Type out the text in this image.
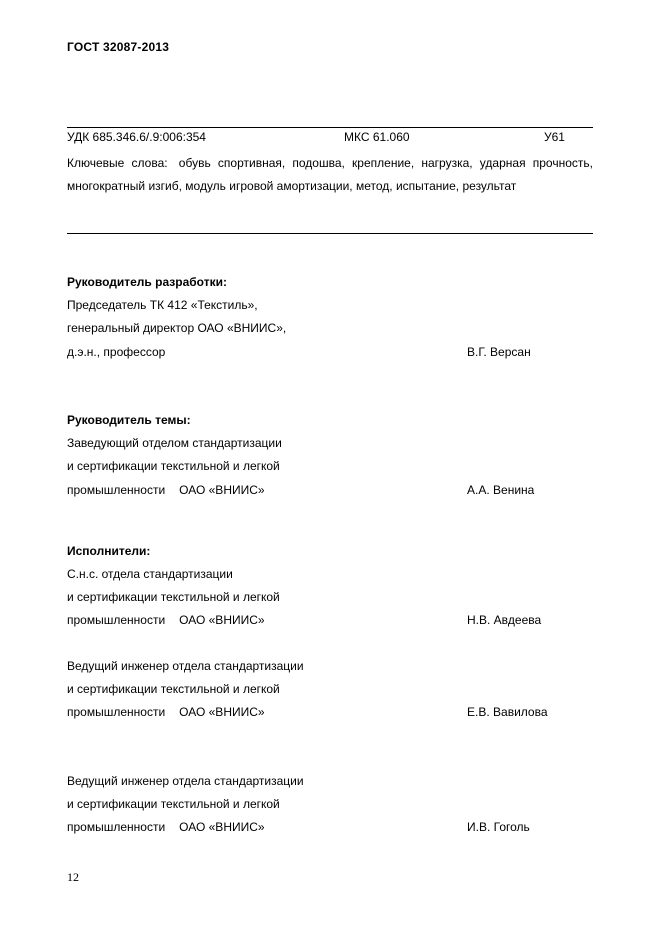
ГОСТ 32087-2013
УДК 685.346.6/.9:006:354	МКС 61.060	У61
Ключевые слова: обувь спортивная, подошва, крепление, нагрузка, ударная прочность, многократный изгиб, модуль игровой амортизации, метод, испытание, результат
Руководитель разработки:
Председатель ТК 412 «Текстиль»,
генеральный директор ОАО «ВНИИС»,
д.э.н., профессор	В.Г. Версан
Руководитель темы:
Заведующий отделом стандартизации
и сертификации текстильной и легкой
промышленности ОАО «ВНИИС»	А.А. Венина
Исполнители:
С.н.с. отдела стандартизации
и сертификации текстильной и легкой
промышленности ОАО «ВНИИС»	Н.В. Авдеева
Ведущий инженер отдела стандартизации
и сертификации текстильной и легкой
промышленности ОАО «ВНИИС»	Е.В. Вавилова
Ведущий инженер отдела стандартизации
и сертификации текстильной и легкой
промышленности ОАО «ВНИИС»	И.В. Гоголь
12
